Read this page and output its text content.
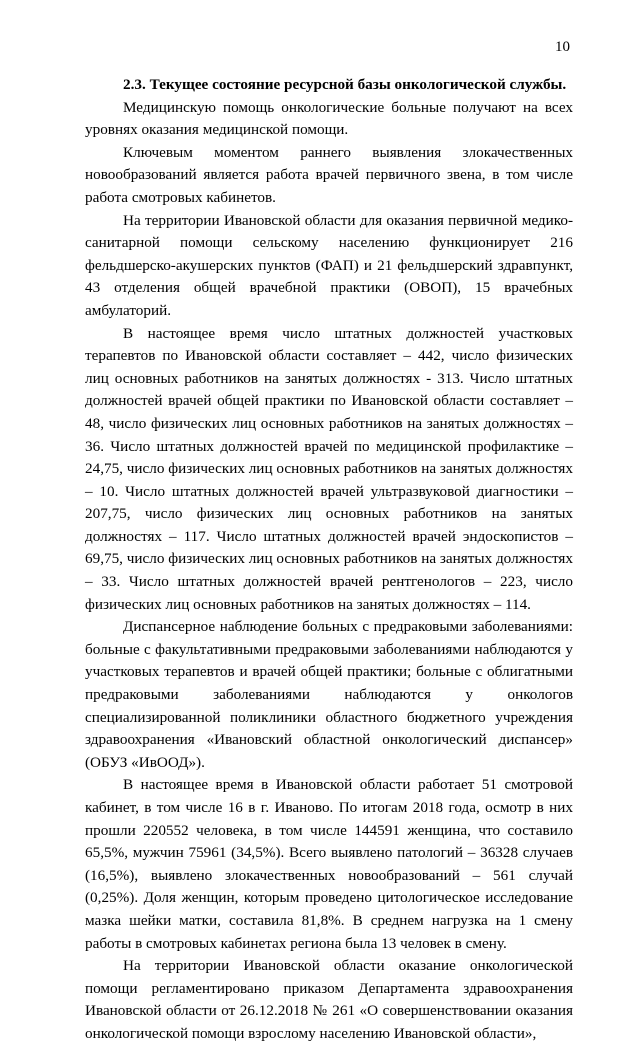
10

2.3. Текущее состояние ресурсной базы онкологической службы.

Медицинскую помощь онкологические больные получают на всех уровнях оказания медицинской помощи.

Ключевым моментом раннего выявления злокачественных новообразований является работа врачей первичного звена, в том числе работа смотровых кабинетов.

На территории Ивановской области для оказания первичной медико-санитарной помощи сельскому населению функционирует 216 фельдшерско-акушерских пунктов (ФАП) и 21 фельдшерский здравпункт, 43 отделения общей врачебной практики (ОВОП), 15 врачебных амбулаторий.

В настоящее время число штатных должностей участковых терапевтов по Ивановской области составляет – 442, число физических лиц основных работников на занятых должностях - 313. Число штатных должностей врачей общей практики по Ивановской области составляет – 48, число физических лиц основных работников на занятых должностях – 36. Число штатных должностей врачей по медицинской профилактике – 24,75, число физических лиц основных работников на занятых должностях – 10. Число штатных должностей врачей ультразвуковой диагностики – 207,75, число физических лиц основных работников на занятых должностях – 117. Число штатных должностей врачей эндоскопистов – 69,75, число физических лиц основных работников на занятых должностях – 33. Число штатных должностей врачей рентгенологов – 223, число физических лиц основных работников на занятых должностях – 114.

Диспансерное наблюдение больных с предраковыми заболеваниями: больные с факультативными предраковыми заболеваниями наблюдаются у участковых терапевтов и врачей общей практики; больные с облигатными предраковыми заболеваниями наблюдаются у онкологов специализированной поликлиники областного бюджетного учреждения здравоохранения «Ивановский областной онкологический диспансер» (ОБУЗ «ИвООД»).

В настоящее время в Ивановской области работает 51 смотровой кабинет, в том числе 16 в г. Иваново. По итогам 2018 года, осмотр в них прошли 220552 человека, в том числе 144591 женщина, что составило 65,5%, мужчин 75961 (34,5%). Всего выявлено патологий – 36328 случаев (16,5%), выявлено злокачественных новообразований – 561 случай (0,25%). Доля женщин, которым проведено цитологическое исследование мазка шейки матки, составила 81,8%. В среднем нагрузка на 1 смену работы в смотровых кабинетах региона была 13 человек в смену.

На территории Ивановской области оказание онкологической помощи регламентировано приказом Департамента здравоохранения Ивановской области от 26.12.2018 № 261 «О совершенствовании оказания онкологической помощи взрослому населению Ивановской области»,
